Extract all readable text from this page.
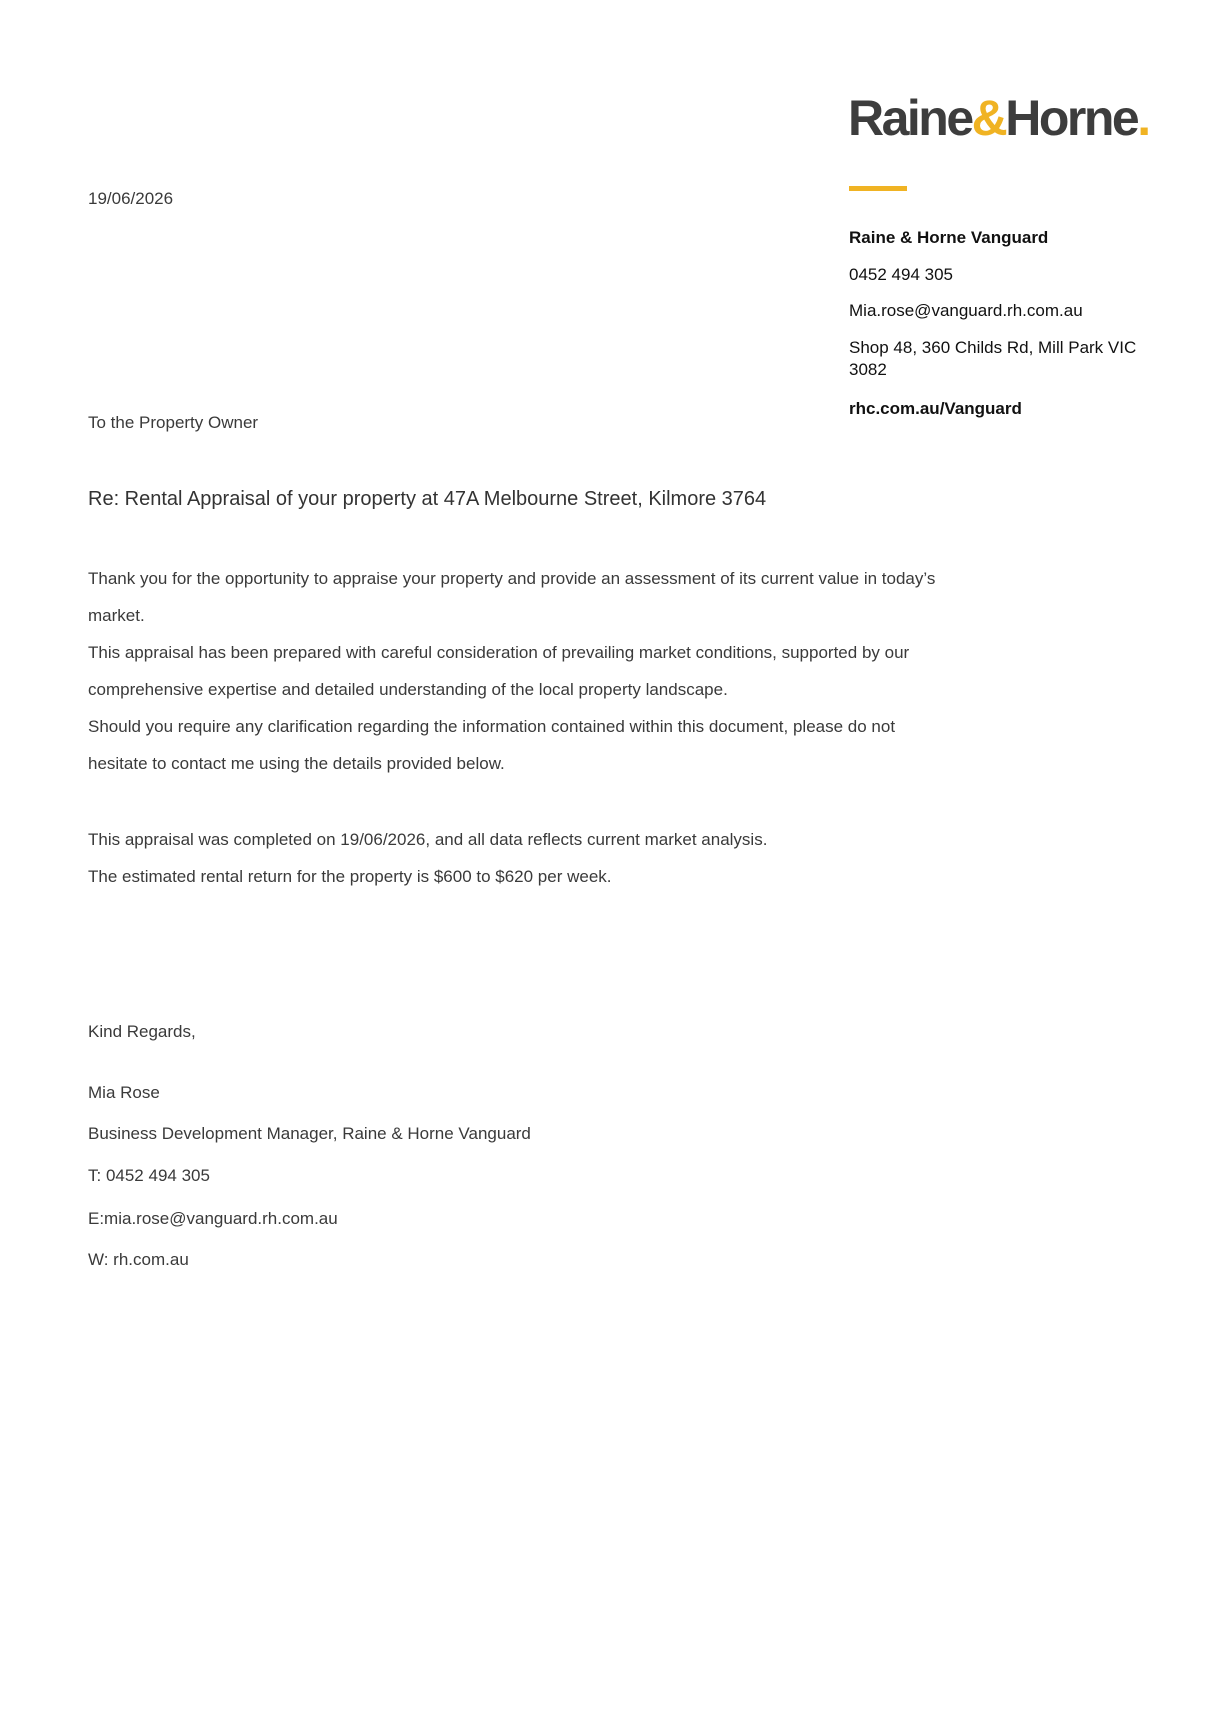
Raine&Horne.
Raine & Horne Vanguard
0452 494 305
Mia.rose@vanguard.rh.com.au
Shop 48, 360 Childs Rd, Mill Park VIC 3082
rhc.com.au/Vanguard
19/06/2026
To the Property Owner
Re: Rental Appraisal of your property at 47A Melbourne Street, Kilmore 3764
Thank you for the opportunity to appraise your property and provide an assessment of its current value in today’s
market.
This appraisal has been prepared with careful consideration of prevailing market conditions, supported by our
comprehensive expertise and detailed understanding of the local property landscape.
Should you require any clarification regarding the information contained within this document, please do not
hesitate to contact me using the details provided below.
This appraisal was completed on 19/06/2026, and all data reflects current market analysis.
The estimated rental return for the property is $600 to $620 per week.
Kind Regards,
Mia Rose
Business Development Manager, Raine & Horne Vanguard
T: 0452 494 305
E:mia.rose@vanguard.rh.com.au
W: rh.com.au
